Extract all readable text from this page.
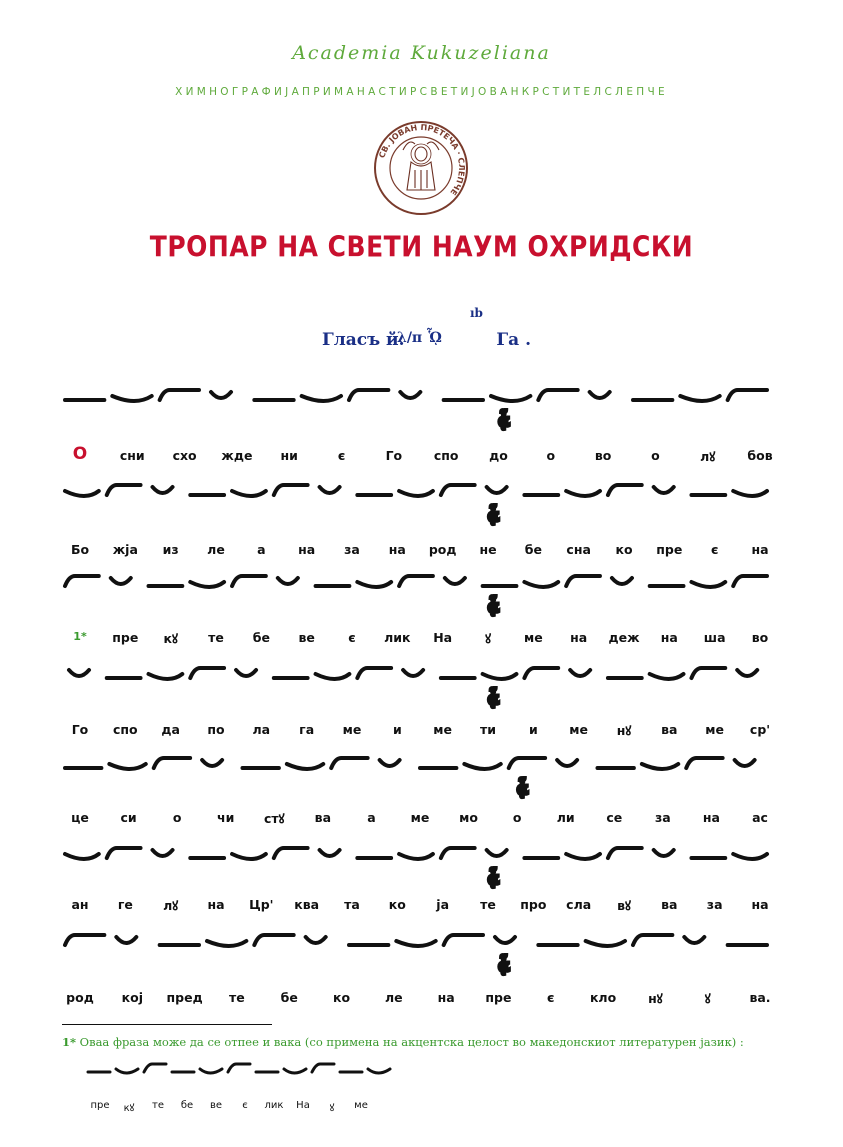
Academia Kukuzeliana
ХИМНОГРАФИЈАПРИМАНАСТИРСВЕТИЈОВАНКРСТИТЕЛСЛЕПЧЕ
СВ. ЈОВАН ПРЕТЕЧА · СЛЕПЧЕ
ТРОПАР НА СВЕТИ НАУМ ОХРИДСКИ
Гласъ й.	Га .
λ/π ᾯ
ıb
ᾇ
ᾇ
ᾇ
ᾇ
ᾇ
ᾇ
ᾇ
О	сни схо жде ни	є	Го	спо до	о	во	о	лꙋ	бов
Бо жја из ле	а	на за на род не бе сна ко пре є	на
1* пре кꙋ те бе ве	є лик На	ꙋ	ме на деж на ша во
Го спо да по ла га ме	и	ме ти	и	ме нꙋ ва ме ср'
це	си	о	чи стꙋ ва	а	ме мо	о	ли	се	за	на	ас
ан ге лꙋ на Цр' ква та ко ја те про сла вꙋ ва за на
род кој пред те	бе	ко	ле	на пре	є	кло	нꙋ	ꙋ	ва.
1* Оваа фраза може да се отпее и вака (со примена на акцентска целост во македонскиот литературен јазик) :
пре кꙋ те бе ве є лик На ꙋ ме
